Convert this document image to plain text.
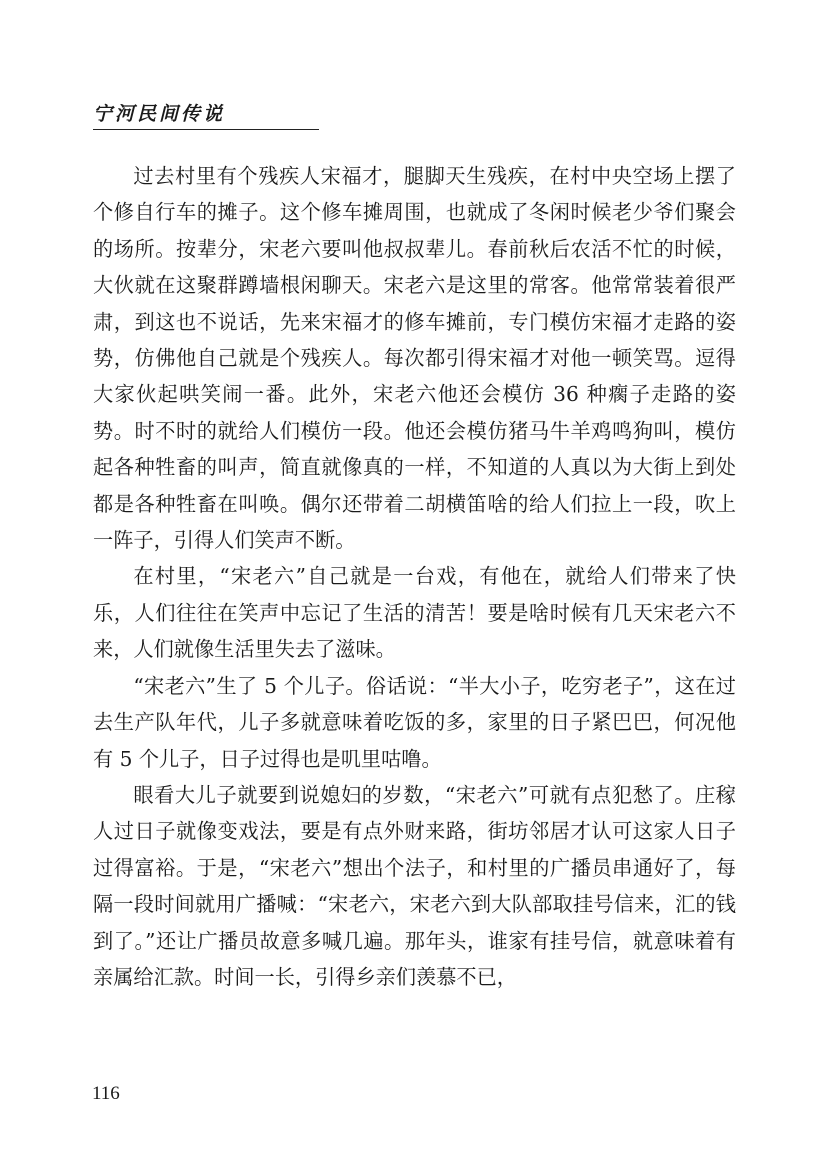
宁河民间传说

过去村里有个残疾人宋福才，腿脚天生残疾，在村中央空场上摆了个修自行车的摊子。这个修车摊周围，也就成了冬闲时候老少爷们聚会的场所。按辈分，宋老六要叫他叔叔辈儿。春前秋后农活不忙的时候，大伙就在这聚群蹲墙根闲聊天。宋老六是这里的常客。他常常装着很严肃，到这也不说话，先来宋福才的修车摊前，专门模仿宋福才走路的姿势，仿佛他自己就是个残疾人。每次都引得宋福才对他一顿笑骂。逗得大家伙起哄笑闹一番。此外，宋老六他还会模仿 36 种瘸子走路的姿势。时不时的就给人们模仿一段。他还会模仿猪马牛羊鸡鸣狗叫，模仿起各种牲畜的叫声，简直就像真的一样，不知道的人真以为大街上到处都是各种牲畜在叫唤。偶尔还带着二胡横笛啥的给人们拉上一段，吹上一阵子，引得人们笑声不断。

在村里，“宋老六”自己就是一台戏，有他在，就给人们带来了快乐，人们往往在笑声中忘记了生活的清苦！要是啥时候有几天宋老六不来，人们就像生活里失去了滋味。

“宋老六”生了 5 个儿子。俗话说：“半大小子，吃穷老子”，这在过去生产队年代，儿子多就意味着吃饭的多，家里的日子紧巴巴，何况他有 5 个儿子，日子过得也是叽里咕噜。

眼看大儿子就要到说媳妇的岁数，“宋老六”可就有点犯愁了。庄稼人过日子就像变戏法，要是有点外财来路，街坊邻居才认可这家人日子过得富裕。于是，“宋老六”想出个法子，和村里的广播员串通好了，每隔一段时间就用广播喊：“宋老六，宋老六到大队部取挂号信来，汇的钱到了。”还让广播员故意多喊几遍。那年头，谁家有挂号信，就意味着有亲属给汇款。时间一长，引得乡亲们羡慕不已，

116
